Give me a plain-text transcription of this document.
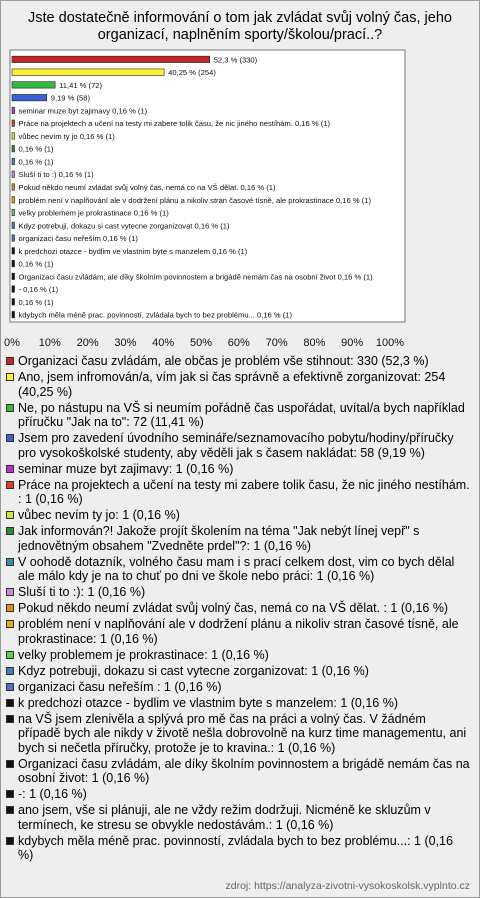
Jste dostatečně informování o tom jak zvládat svůj volný čas, jeho organizací, naplněním sporty/školou/prací..?
52,3 % (330)
40,25 % (254)
11,41 % (72)
9,19 % (58)
seminar muze byt zajimavy 0,16 % (1)
Práce na projektech a učení na testy mi zabere tolik času, že nic jiného nestíhám. 0,16 % (1)
vůbec nevím ty jo 0,16 % (1)
0,16 % (1)
0,16 % (1)
Sluší ti to :) 0,16 % (1)
Pokud někdo neumí zvládat svůj volný čas, nemá co na VŠ dělat. 0,16 % (1)
problém není v naplňování ale v dodržení plánu a nikoliv stran časové tísně, ale prokrastinace 0,16 % (1)
velky problemem je prokrastinace 0,16 % (1)
Kdyz potrebuji, dokazu si cast vytecne zorganizovat 0,16 % (1)
organizaci času neřeším 0,16 % (1)
k predchozi otazce - bydlim ve vlastnim byte s manzelem 0,16 % (1)
0,16 % (1)
Organizaci času zvládám, ale díky školním povinnostem a brigádě nemám čas na osobní život 0,16 % (1)
- 0,16 % (1)
0,16 % (1)
kdybych měla méně prac. povinností, zvládala bych to bez problému... 0,16 % (1)
0% 10% 20% 30% 40% 50% 60% 70% 80% 90% 100%
Organizaci času zvládám, ale občas je problém vše stihnout: 330 (52,3 %)
Ano, jsem infromován/a, vím jak si čas správně a efektivně zorganizovat: 254 (40,25 %)
Ne, po nástupu na VŠ si neumím pořádně čas uspořádat, uvítal/a bych například příručku "Jak na to": 72 (11,41 %)
Jsem pro zavedení úvodního semináře/seznamovacího pobytu/hodiny/příručky pro vysokoškolské studenty, aby věděli jak s časem nakládat: 58 (9,19 %)
seminar muze byt zajimavy: 1 (0,16 %)
Práce na projektech a učení na testy mi zabere tolik času, že nic jiného nestíhám. : 1 (0,16 %)
vůbec nevím ty jo: 1 (0,16 %)
Jak informován?! Jakože projít školením na téma "Jak nebýt línej vepř" s jednovětným obsahem "Zvedněte prdel"?: 1 (0,16 %)
V oohodě dotazník, volného času mam i s prací celkem dost, vim co bych dělal ale málo kdy je na to chuť po dni ve škole nebo práci: 1 (0,16 %)
Sluší ti to :): 1 (0,16 %)
Pokud někdo neumí zvládat svůj volný čas, nemá co na VŠ dělat. : 1 (0,16 %)
problém není v naplňování ale v dodržení plánu a nikoliv stran časové tísně, ale prokrastinace: 1 (0,16 %)
velky problemem je prokrastinace: 1 (0,16 %)
Kdyz potrebuji, dokazu si cast vytecne zorganizovat: 1 (0,16 %)
organizaci času neřeším : 1 (0,16 %)
k predchozi otazce - bydlim ve vlastnim byte s manzelem: 1 (0,16 %)
na VŠ jsem zlenivěla a splývá pro mě čas na práci a volný čas. V žádném případě bych ale nikdy v životě nešla dobrovolně na kurz time managementu, ani bych si nečetla příručky, protože je to kravina.: 1 (0,16 %)
Organizaci času zvládám, ale díky školním povinnostem a brigádě nemám čas na osobní život: 1 (0,16 %)
-: 1 (0,16 %)
ano jsem, vše si plánuji, ale ne vždy režim dodržuji. Nicméně ke skluzům v termínech, ke stresu se obvykle nedostávám.: 1 (0,16 %)
kdybych měla méně prac. povinností, zvládala bych to bez problému...: 1 (0,16 %)
zdroj: https://analyza-zivotni-vysokoskolsk.vyplnto.cz
